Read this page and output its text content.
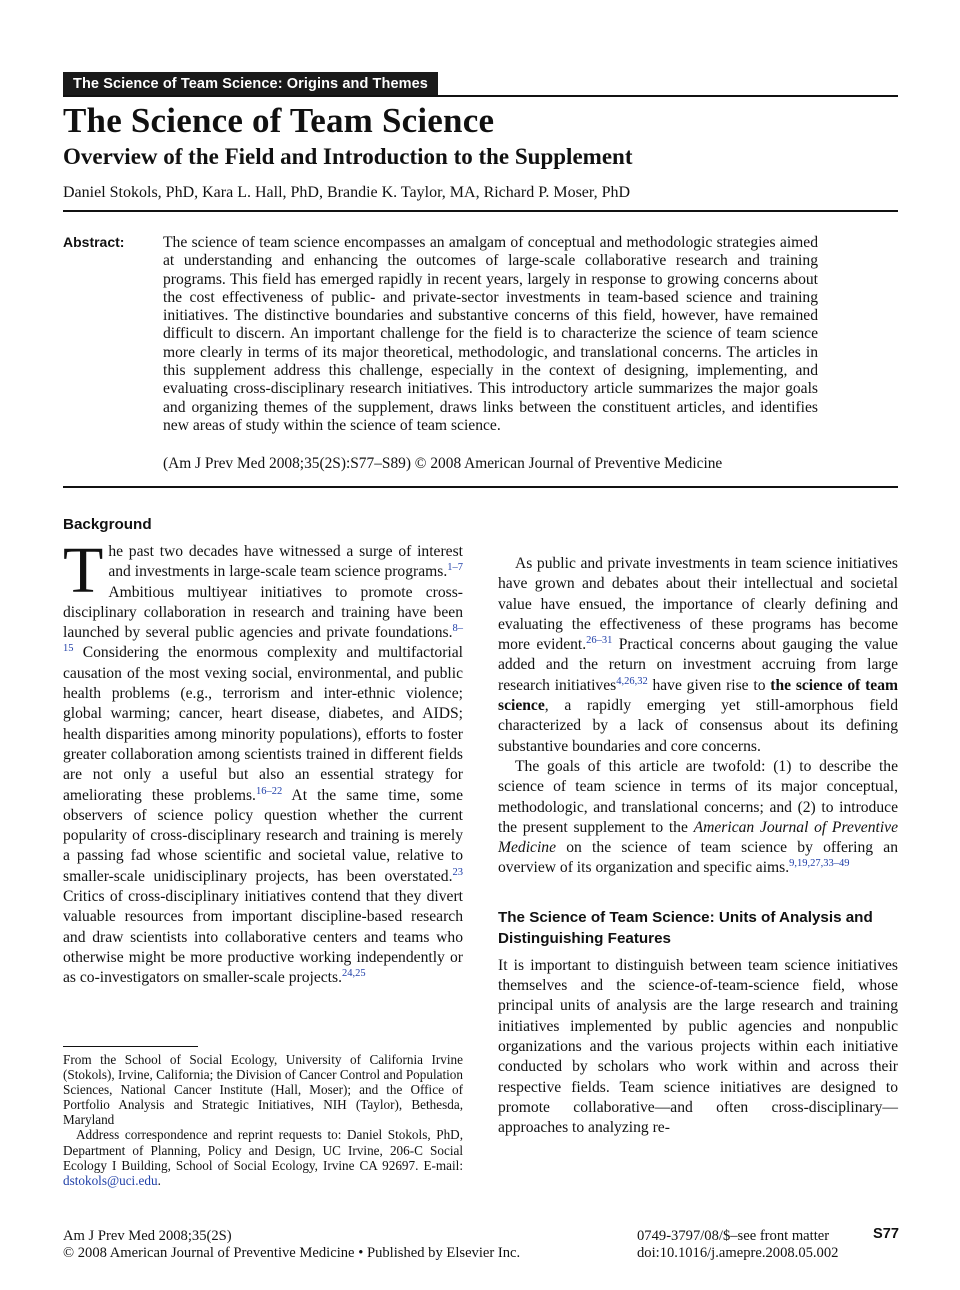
The Science of Team Science: Origins and Themes
The Science of Team Science
Overview of the Field and Introduction to the Supplement
Daniel Stokols, PhD, Kara L. Hall, PhD, Brandie K. Taylor, MA, Richard P. Moser, PhD
Abstract: The science of team science encompasses an amalgam of conceptual and methodologic strategies aimed at understanding and enhancing the outcomes of large-scale collaborative research and training programs. This field has emerged rapidly in recent years, largely in response to growing concerns about the cost effectiveness of public- and private-sector investments in team-based science and training initiatives. The distinctive boundaries and substantive concerns of this field, however, have remained difficult to discern. An important challenge for the field is to characterize the science of team science more clearly in terms of its major theoretical, methodologic, and translational concerns. The articles in this supplement address this challenge, especially in the context of designing, implementing, and evaluating cross-disciplinary research initiatives. This introductory article summarizes the major goals and organizing themes of the supplement, draws links between the constituent articles, and identifies new areas of study within the science of team science.
(Am J Prev Med 2008;35(2S):S77–S89) © 2008 American Journal of Preventive Medicine
Background

The past two decades have witnessed a surge of interest and investments in large-scale team science programs.$^{1-7}$ Ambitious multiyear initiatives to promote cross-disciplinary collaboration in research and training have been launched by several public agencies and private foundations.$^{8-15}$ Considering the enormous complexity and multifactorial causation of the most vexing social, environmental, and public health problems (e.g., terrorism and inter-ethnic violence; global warming; cancer, heart disease, diabetes, and AIDS; health disparities among minority populations), efforts to foster greater collaboration among scientists trained in different fields are not only a useful but also an essential strategy for ameliorating these problems.$^{16-22}$ At the same time, some observers of science policy question whether the current popularity of cross-disciplinary research and training is merely a passing fad whose scientific and societal value, relative to smaller-scale unidisciplinary projects, has been overstated.$^{23}$ Critics of cross-disciplinary initiatives contend that they divert valuable resources from important discipline-based research and draw scientists into collaborative centers and teams who otherwise might be more productive working independently or as co-investigators on smaller-scale projects.$^{24,25}$

From the School of Social Ecology, University of California Irvine (Stokols), Irvine, California; the Division of Cancer Control and Population Sciences, National Cancer Institute (Hall, Moser); and the Office of Portfolio Analysis and Strategic Initiatives, NIH (Taylor), Bethesda, Maryland

Address correspondence and reprint requests to: Daniel Stokols, PhD, Department of Planning, Policy and Design, UC Irvine, 206-C Social Ecology I Building, School of Social Ecology, Irvine CA 92697. E-mail: dstokols@uci.edu.

As public and private investments in team science initiatives have grown and debates about their intellectual and societal value have ensued, the importance of clearly defining and evaluating the effectiveness of these programs has become more evident.$^{26-31}$ Practical concerns about gauging the value added and the return on investment accruing from large research initiatives$^{4,26,32}$ have given rise to the science of team science, a rapidly emerging yet still-amorphous field characterized by a lack of consensus about its defining substantive boundaries and core concerns.

The goals of this article are twofold: (1) to describe the science of team science in terms of its major conceptual, methodologic, and translational concerns; and (2) to introduce the present supplement to the American Journal of Preventive Medicine on the science of team science by offering an overview of its organization and specific aims.$^{9,19,27,33-49}$

The Science of Team Science: Units of Analysis and Distinguishing Features

It is important to distinguish between team science initiatives themselves and the science-of-team-science field, whose principal units of analysis are the large research and training initiatives implemented by public agencies and nonpublic organizations and the various projects within each initiative conducted by scholars who work within and across their respective fields. Team science initiatives are designed to promote collaborative—and often cross-disciplinary—approaches to analyzing re-

Am J Prev Med 2008;35(2S)
© 2008 American Journal of Preventive Medicine • Published by Elsevier Inc.
0749-3797/08/$–see front matter
doi:10.1016/j.amepre.2008.05.002
S77
